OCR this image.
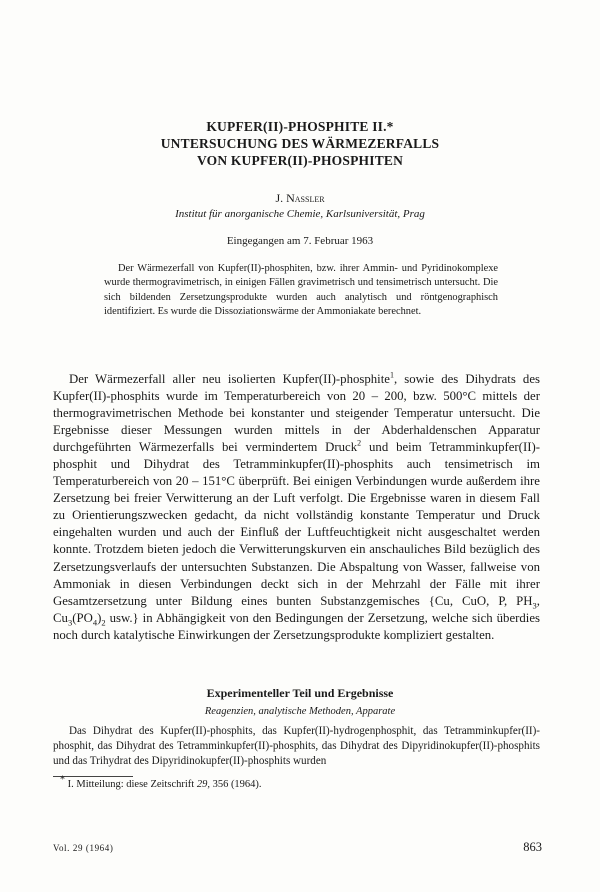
KUPFER(II)-PHOSPHITE II.*
UNTERSUCHUNG DES WÄRMEZERFALLS
VON KUPFER(II)-PHOSPHITEN
J. Nassler
Institut für anorganische Chemie, Karlsuniversität, Prag
Eingegangen am 7. Februar 1963
Der Wärmezerfall von Kupfer(II)-phosphiten, bzw. ihrer Ammin- und Pyridinokomplexe wurde thermogravimetrisch, in einigen Fällen gravimetrisch und tensimetrisch untersucht. Die sich bildenden Zersetzungsprodukte wurden auch analytisch und röntgenographisch identifiziert. Es wurde die Dissoziationswärme der Ammoniakate berechnet.
Der Wärmezerfall aller neu isolierten Kupfer(II)-phosphite$^1$, sowie des Dihydrats des Kupfer(II)-phosphits wurde im Temperaturbereich von 20 – 200, bzw. 500°C mittels der thermogravimetrischen Methode bei konstanter und steigender Temperatur untersucht. Die Ergebnisse dieser Messungen wurden mittels in der Abderhaldenschen Apparatur durchgeführten Wärmezerfalls bei vermindertem Druck$^2$ und beim Tetramminkupfer(II)-phosphit und Dihydrat des Tetramminkupfer(II)-phosphits auch tensimetrisch im Temperaturbereich von 20 – 151°C überprüft. Bei einigen Verbindungen wurde außerdem ihre Zersetzung bei freier Verwitterung an der Luft verfolgt. Die Ergebnisse waren in diesem Fall zu Orientierungszwecken gedacht, da nicht vollständig konstante Temperatur und Druck eingehalten wurden und auch der Einfluß der Luftfeuchtigkeit nicht ausgeschaltet werden konnte. Trotzdem bieten jedoch die Verwitterungskurven ein anschauliches Bild bezüglich des Zersetzungsverlaufs der untersuchten Substanzen. Die Abspaltung von Wasser, fallweise von Ammoniak in diesen Verbindungen deckt sich in der Mehrzahl der Fälle mit ihrer Gesamtzersetzung unter Bildung eines bunten Substanzgemisches {Cu, CuO, P, $PH_3$, $Cu_3(PO_4)_2$ usw.} in Abhängigkeit von den Bedingungen der Zersetzung, welche sich überdies noch durch katalytische Einwirkungen der Zersetzungsprodukte kompliziert gestalten.
Experimenteller Teil und Ergebnisse
Reagenzien, analytische Methoden, Apparate
Das Dihydrat des Kupfer(II)-phosphits, das Kupfer(II)-hydrogenphosphit, das Tetramminkupfer(II)-phosphit, das Dihydrat des Tetramminkupfer(II)-phosphits, das Dihydrat des Dipyridinokupfer(II)-phosphits und das Trihydrat des Dipyridinokupfer(II)-phosphits wurden
* I. Mitteilung: diese Zeitschrift 29, 356 (1964).
Vol. 29 (1964)	863
